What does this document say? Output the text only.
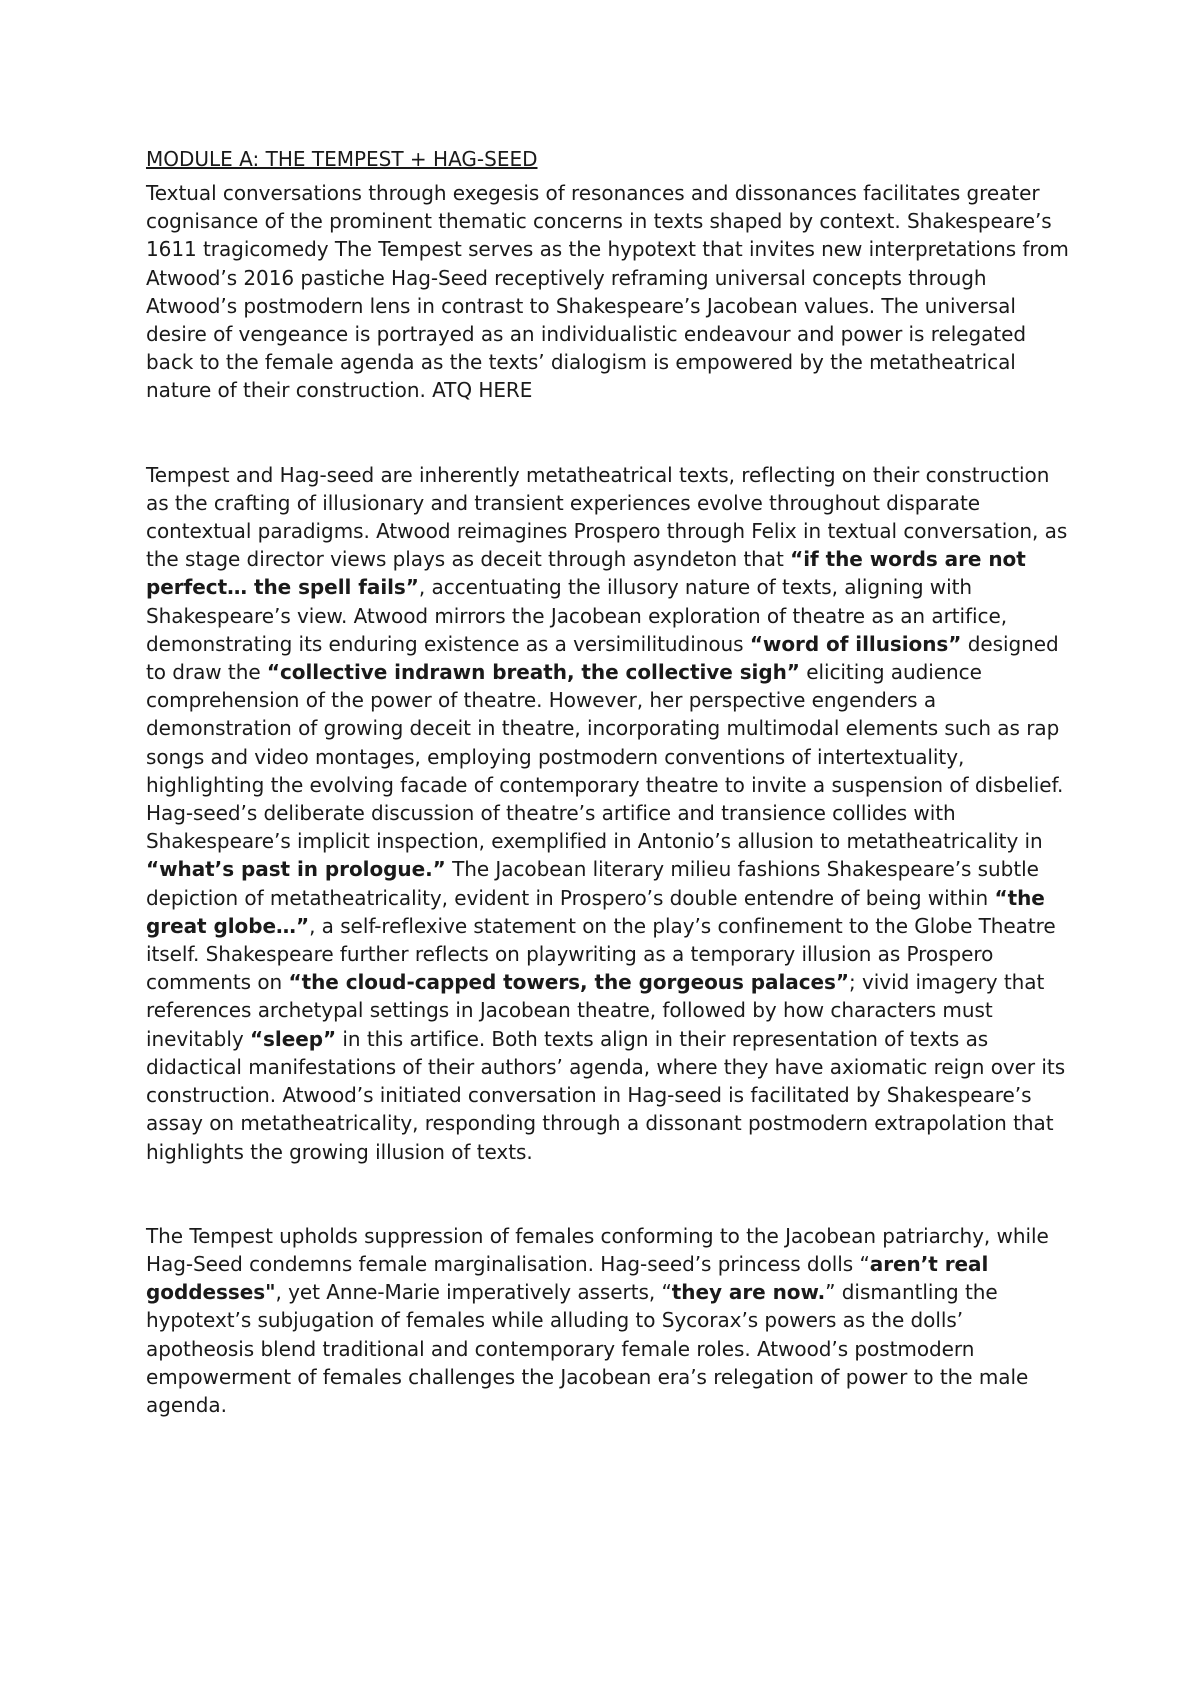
MODULE A: THE TEMPEST + HAG-SEED

Textual conversations through exegesis of resonances and dissonances facilitates greater cognisance of the prominent thematic concerns in texts shaped by context. Shakespeare’s 1611 tragicomedy The Tempest serves as the hypotext that invites new interpretations from Atwood’s 2016 pastiche Hag-Seed receptively reframing universal concepts through Atwood’s postmodern lens in contrast to Shakespeare’s Jacobean values. The universal desire of vengeance is portrayed as an individualistic endeavour and power is relegated back to the female agenda as the texts’ dialogism is empowered by the metatheatrical nature of their construction. ATQ HERE

Tempest and Hag-seed are inherently metatheatrical texts, reflecting on their construction as the crafting of illusionary and transient experiences evolve throughout disparate contextual paradigms. Atwood reimagines Prospero through Felix in textual conversation, as the stage director views plays as deceit through asyndeton that “if the words are not perfect… the spell fails”, accentuating the illusory nature of texts, aligning with Shakespeare’s view. Atwood mirrors the Jacobean exploration of theatre as an artifice, demonstrating its enduring existence as a versimilitudinous “word of illusions” designed to draw the “collective indrawn breath, the collective sigh” eliciting audience comprehension of the power of theatre. However, her perspective engenders a demonstration of growing deceit in theatre, incorporating multimodal elements such as rap songs and video montages, employing postmodern conventions of intertextuality, highlighting the evolving facade of contemporary theatre to invite a suspension of disbelief. Hag-seed’s deliberate discussion of theatre’s artifice and transience collides with Shakespeare’s implicit inspection, exemplified in Antonio’s allusion to metatheatricality in “what’s past in prologue.” The Jacobean literary milieu fashions Shakespeare’s subtle depiction of metatheatricality, evident in Prospero’s double entendre of being within “the great globe…”, a self-reflexive statement on the play’s confinement to the Globe Theatre itself. Shakespeare further reflects on playwriting as a temporary illusion as Prospero comments on “the cloud-capped towers, the gorgeous palaces”; vivid imagery that references archetypal settings in Jacobean theatre, followed by how characters must inevitably “sleep” in this artifice. Both texts align in their representation of texts as didactical manifestations of their authors’ agenda, where they have axiomatic reign over its construction. Atwood’s initiated conversation in Hag-seed is facilitated by Shakespeare’s assay on metatheatricality, responding through a dissonant postmodern extrapolation that highlights the growing illusion of texts.

The Tempest upholds suppression of females conforming to the Jacobean patriarchy, while Hag-Seed condemns female marginalisation. Hag-seed’s princess dolls “aren’t real goddesses", yet Anne-Marie imperatively asserts, “they are now.” dismantling the hypotext’s subjugation of females while alluding to Sycorax’s powers as the dolls’ apotheosis blend traditional and contemporary female roles. Atwood’s postmodern empowerment of females challenges the Jacobean era’s relegation of power to the male agenda.
